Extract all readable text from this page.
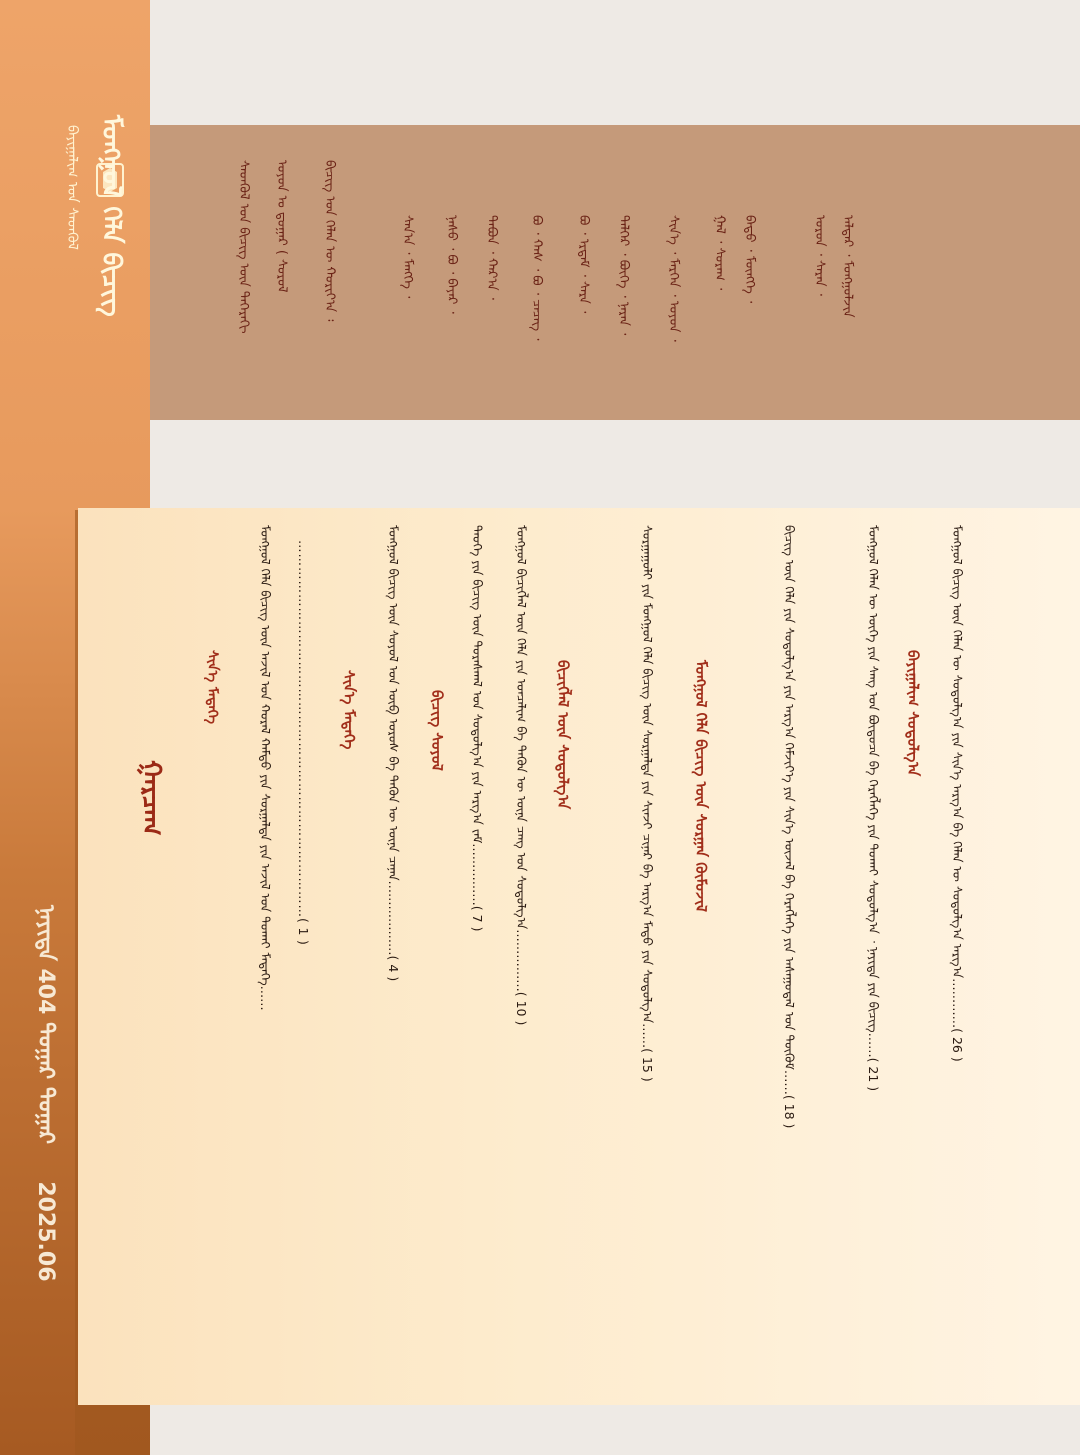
ᠮᠣᠩᠭᠣᠯ ᠬᠡᠯᠡ ᠪᠢᠴᠢᠭ
ᠪᠠᠶᠢᠭᠠᠯᠢᠭ ᠤᠨ ᠰᠡᠳᠬᠦᠯ
ᠨᠡᠶᠢᠲᠡ 404 ᠳᠤᠭᠠᠷ ᠳᠤᠭᠠᠷ  2025.06
ᠠᠯᠳᠠᠷ ᠂ ᠮᠣᠩᠭᠣᠯᠵᠢᠨ
ᠤᠷᠤᠨ ᠂ ᠰᠠᠷᠠᠨ ᠂
ᠪᠠᠲᠤ ᠂ ᠮᠥᠩᠭᠡ ᠂
ᠭᠠᠯ ᠂ ᠰᠤᠷᠠᠭ ᠂
ᠰᠢᠨ᠎ᠡ ᠂ ᠮᠡᠷᠭᠡᠨ ᠂ ᠣᠶᠤᠨ ᠂
ᠳᠡᠯᠭᠡᠷ ᠂ ᠪᠦᠬᠡ ᠂ ᠨᠠᠷᠠᠨ ᠂
ᠪᠣ ᠂ ᠡᠷᠳᠡᠮ ᠂ ᠰᠠᠷᠠ ᠂
ᠪᠣ ᠂ ᠬᠠᠰ ᠂ ᠪᠣ ᠂ ᠴᠡᠴᠡᠭ ᠂
ᠲᠠᠪᠤᠨ ᠂ ᠬᠠᠷ᠎ᠠ ᠂
ᠨᠠᠰᠤ ᠂ ᠪᠣ ᠂ ᠪᠠᠶᠠᠷ ᠂
ᠰᠠᠨ᠎ᠠ ᠂ ᠮᠡᠩᠭᠡ ᠂
ᠪᠢᠴᠢᠭ ᠤᠨ ᠬᠡᠯᠡᠨ ᠦ ᠬᠣᠷᠢᠶ᠎ᠠ ᠄
ᠣᠶᠤᠨ ᠤ ᠳ᠋ᠤᠭᠠᠷ ( ᠰᠤᠷᠤᠯ
ᠰᠡᠳᠬᠦᠯ ᠤᠨ ᠪᠢᠴᠢᠭ ᠦᠨ ᠳᠡᠭᠡᠷᠡᠬᠢ
ᠭᠠᠷᠴᠠᠭ
ᠪᠠᠶᠢᠭᠠᠯᠢᠭ ᠰᠤᠳᠤᠯᠭ᠎ᠠ	ᠮᠣᠩᠭᠣᠯ ᠪᠢᠴᠢᠭ ᠦᠨ ᠬᠡᠯᠡᠨ ᠦ ᠰᠤᠳᠤᠯᠭ᠎ᠠ ᠶᠢᠨ ᠰᠢᠨ᠎ᠡ ᠠᠷᠭ᠎ᠠ ᠪᠠ ᠬᠡᠯᠡᠨ ᠦ ᠰᠤᠳᠤᠯᠭ᠎ᠠ ᠠᠷᠭ᠎ᠠ…………( 26 )
ᠮᠣᠩᠭᠣᠯ ᠬᠡᠯᠡᠨ ᠦ ᠦᠭᠡ ᠶᠢᠨ ᠰᠠᠩ ᠤᠨ ᠪᠦᠲᠦᠴᠡ ᠪᠠ ᠬᠡᠷᠡᠭᠯᠡᠭᠡ ᠶᠢᠨ ᠲᠤᠬᠠᠢ ᠰᠤᠳᠤᠯᠭ᠎ᠠ ᠂ ᠨᠡᠶᠢᠲᠡ ᠶᠢᠨ ᠪᠢᠴᠢᠭ……( 21 )
ᠪᠢᠴᠢᠭ ᠦᠨ ᠬᠡᠯᠡ ᠶᠢᠨ ᠰᠤᠳᠤᠯᠭ᠎ᠠ ᠶᠢᠨ ᠠᠷᠭ᠎ᠠ ᠬᠡᠮᠵᠢᠶ᠎ᠡ ᠶᠢᠨ ᠰᠢᠨ᠎ᠡ ᠦᠵᠡᠯ ᠪᠠ ᠬᠡᠷᠡᠭᠯᠡᠭᠡ ᠶᠢᠨ ᠠᠰᠠᠭᠤᠳᠠᠯ ᠤᠨ ᠳᠦᠭᠦᠮ……( 18 )
ᠮᠣᠩᠭᠣᠯ ᠬᠡᠯᠡ ᠪᠢᠴᠢᠭ ᠦᠨ ᠰᠤᠷᠭᠠᠨ ᠬᠦᠮᠦᠵᠢᠯ
ᠰᠤᠷᠭᠠᠭᠤᠯᠢ ᠶᠢᠨ ᠮᠣᠩᠭᠣᠯ ᠬᠡᠯᠡ ᠪᠢᠴᠢᠭ ᠦᠨ ᠰᠤᠷᠭᠠᠯᠲᠠ ᠶᠢᠨ ᠰᠢᠨᠵᠢ ᠴᠢᠨᠠᠷ ᠪᠠ ᠠᠷᠭ᠎ᠠ ᠮᠡᠲᠦ ᠶᠢᠨ ᠰᠤᠳᠤᠯᠭ᠎ᠠ……( 15 )
ᠪᠢᠴᠢᠭᠯᠡᠯ ᠦᠨ ᠰᠤᠳᠤᠯᠭ᠎ᠠ
ᠮᠣᠩᠭᠣᠯ ᠪᠢᠴᠢᠭᠯᠡᠯ ᠦᠨ ᠬᠡᠯᠡ ᠶᠢᠨ ᠣᠨᠴᠠᠯᠢᠭ ᠪᠠ ᠲᠡᠭᠦᠨ ᠦ ᠦᠨᠡ ᠴᠠᠩ ᠤᠨ ᠰᠤᠳᠤᠯᠭ᠎ᠠ……………( 10 )
ᠲᠡᠦᠬᠡ ᠶᠢᠨ ᠪᠢᠴᠢᠭ ᠦᠨ ᠳᠤᠷᠠᠰᠬᠠᠯ ᠤᠨ ᠰᠤᠳᠤᠯᠭ᠎ᠠ ᠶᠢᠨ ᠠᠷᠭ᠎ᠠ ᠵᠠᠮ……………( 7 )
ᠪᠢᠴᠢᠭ ᠰᠣᠶᠣᠯ
ᠮᠣᠩᠭᠣᠯ ᠪᠢᠴᠢᠭ ᠦᠨ ᠰᠣᠶᠣᠯ ᠤᠨ ᠦᠪ ᠤᠷᠤᠰ ᠪᠠ ᠲᠡᠭᠦᠨ ᠦ ᠦᠨᠡ ᠴᠡᠨᠡᠨ………………( 4 )
ᠰᠢᠨ᠎ᠡ ᠮᠡᠳᠡᠭᠡ
…………………………………………………………………………( 1 )
ᠰᠢᠨ᠎ᠡ ᠮᠡᠳᠡᠭᠡ	ᠮᠣᠩᠭᠣᠯ ᠬᠡᠯᠡ ᠪᠢᠴᠢᠭ ᠦᠨ ᠠᠵᠢᠯ ᠤᠨ ᠬᠤᠷᠠᠯ ᠬᠠᠮᠲᠤ ᠶᠢᠨ ᠰᠤᠷᠭᠠᠯᠲᠠ ᠶᠢᠨ ᠠᠵᠢᠯ ᠤᠨ ᠲᠤᠬᠠᠢ ᠮᠡᠳᠡᠭᠡ……
